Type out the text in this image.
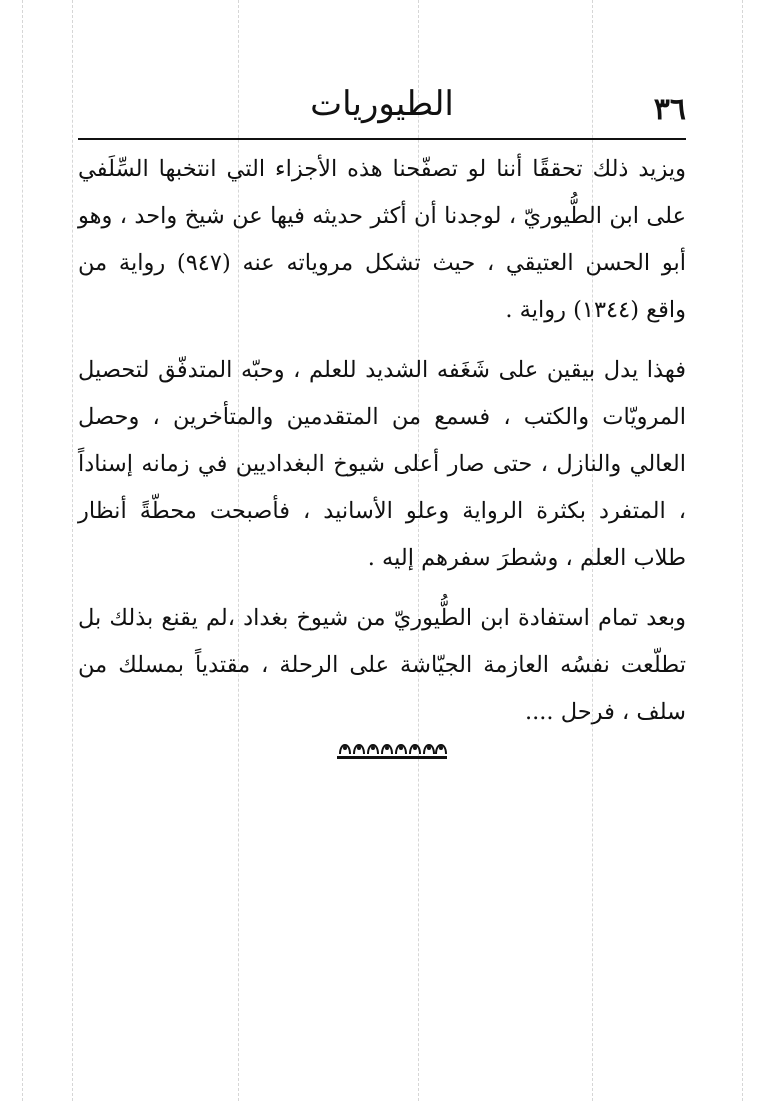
٣٦
الطيوريات

ويزيد ذلك تحققًا أننا لو تصفّحنا هذه الأجزاء التي انتخبها السِّلَفي على ابن الطُّيوريّ ، لوجدنا أن أكثر حديثه فيها عن شيخ واحد ، وهو أبو الحسن العتيقي ، حيث تشكل مروياته عنه (٩٤٧) رواية من واقع (١٣٤٤) رواية .

فهذا يدل بيقين على شَغَفه الشديد للعلم ، وحبّه المتدفّق لتحصيل المرويّات والكتب ، فسمع من المتقدمين والمتأخرين ، وحصل العالي والنازل ، حتى صار أعلى شيوخ البغداديين في زمانه إسناداً ، المتفرد بكثرة الرواية وعلو الأسانيد ، فأصبحت محطّةً أنظار طلاب العلم ، وشطرَ سفرهم إليه .

وبعد تمام استفادة ابن الطُّيوريّ من شيوخ بغداد ،لم يقنع بذلك بل تطلّعت نفسُه العازمة الجيّاشة على الرحلة ، مقتدياً بمسلك من سلف ، فرحل ....
